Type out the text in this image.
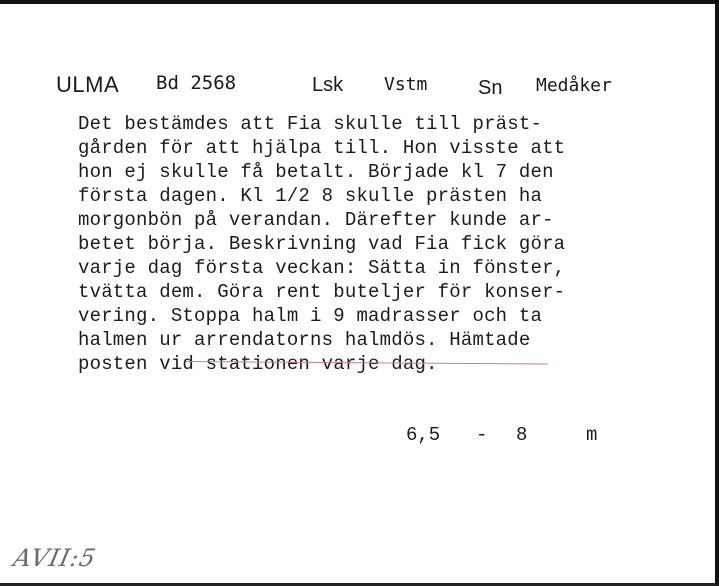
ULMA Bd 2568	Lsk Vstm	Sn Medåker
Det bestämdes att Fia skulle till präst-
gården för att hjälpa till. Hon visste att
hon ej skulle få betalt. Började kl 7 den
första dagen. Kl 1/2 8 skulle prästen ha
morgonbön på verandan. Därefter kunde ar-
betet börja. Beskrivning vad Fia fick göra
varje dag första veckan: Sätta in fönster,
tvätta dem. Göra rent buteljer för konser-
vering. Stoppa halm i 9 madrasser och ta
halmen ur arrendatorns halmdös. Hämtade
posten vid stationen varje dag.
6,5 - 8	m
AVII:5
